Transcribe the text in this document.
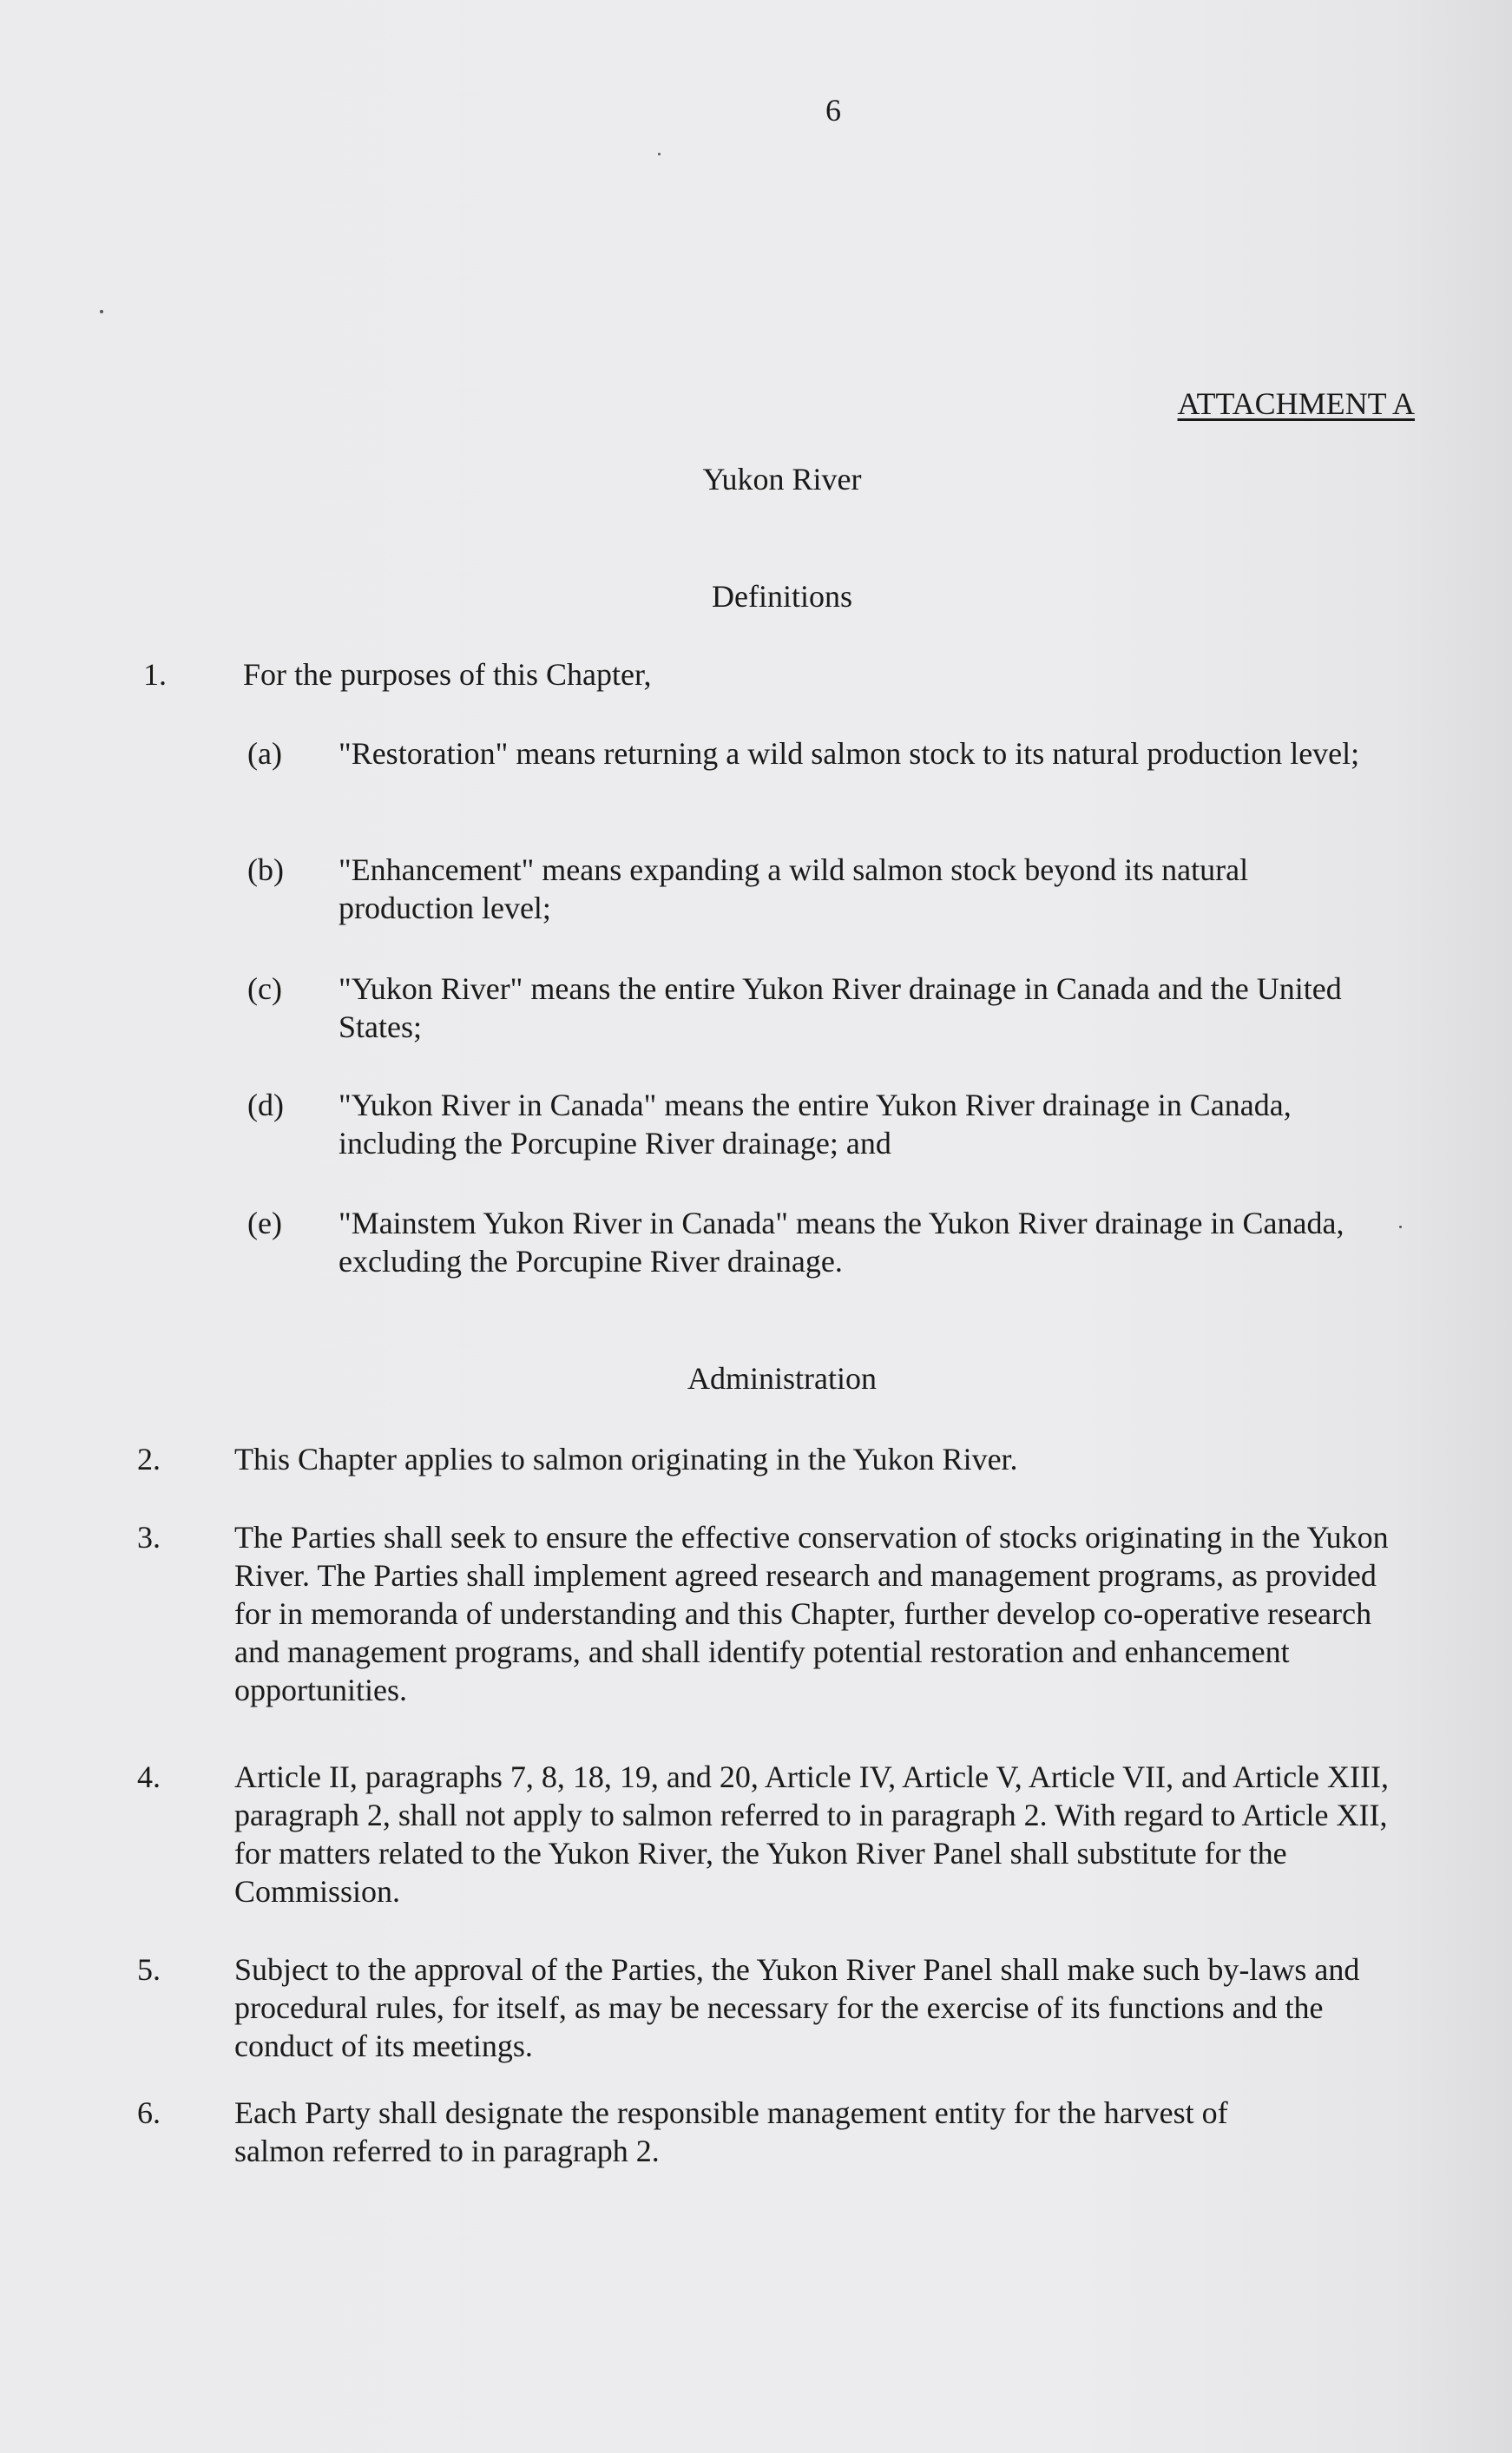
6
ATTACHMENT A
Yukon River
Definitions
1.	For the purposes of this Chapter,
(a)	"Restoration" means returning a wild salmon stock to its natural production level;
(b)	"Enhancement" means expanding a wild salmon stock beyond its natural production level;
(c)	"Yukon River" means the entire Yukon River drainage in Canada and the United States;
(d)	"Yukon River in Canada" means the entire Yukon River drainage in Canada, including the Porcupine River drainage; and
(e)	"Mainstem Yukon River in Canada" means the Yukon River drainage in Canada, excluding the Porcupine River drainage.
Administration
2.	This Chapter applies to salmon originating in the Yukon River.
3.	The Parties shall seek to ensure the effective conservation of stocks originating in the Yukon River. The Parties shall implement agreed research and management programs, as provided for in memoranda of understanding and this Chapter, further develop co-operative research and management programs, and shall identify potential restoration and enhancement opportunities.
4.	Article II, paragraphs 7, 8, 18, 19, and 20, Article IV, Article V, Article VII, and Article XIII, paragraph 2, shall not apply to salmon referred to in paragraph 2. With regard to Article XII, for matters related to the Yukon River, the Yukon River Panel shall substitute for the Commission.
5.	Subject to the approval of the Parties, the Yukon River Panel shall make such by-laws and procedural rules, for itself, as may be necessary for the exercise of its functions and the conduct of its meetings.
6.	Each Party shall designate the responsible management entity for the harvest of salmon referred to in paragraph 2.
